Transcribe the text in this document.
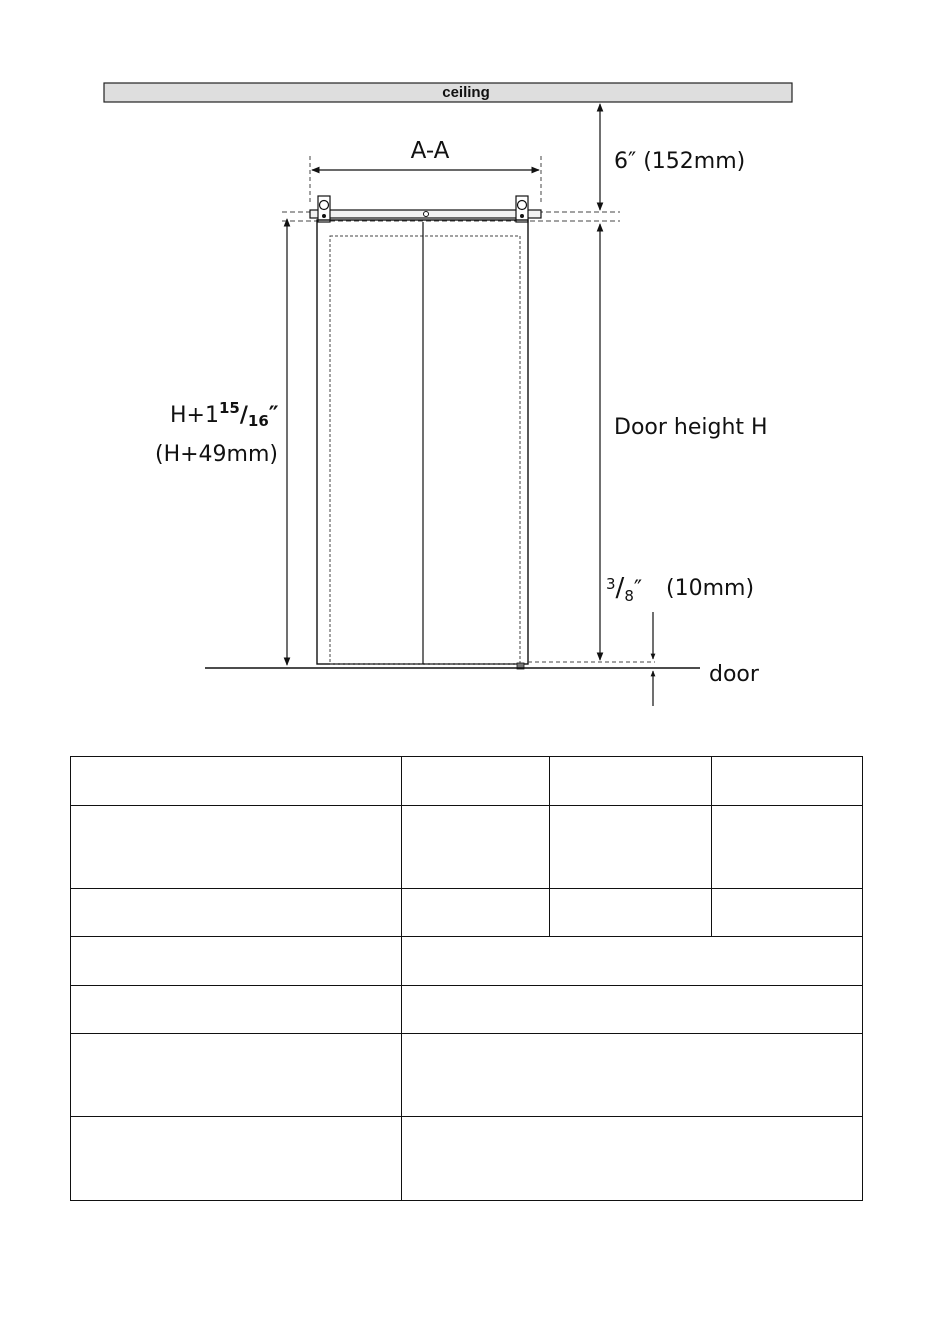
ceiling
A-A	6″ (152mm)
Door height H
$H+1^{15}/16''$
(H+49mm)
$^3/_8''$ (10mm)
door
